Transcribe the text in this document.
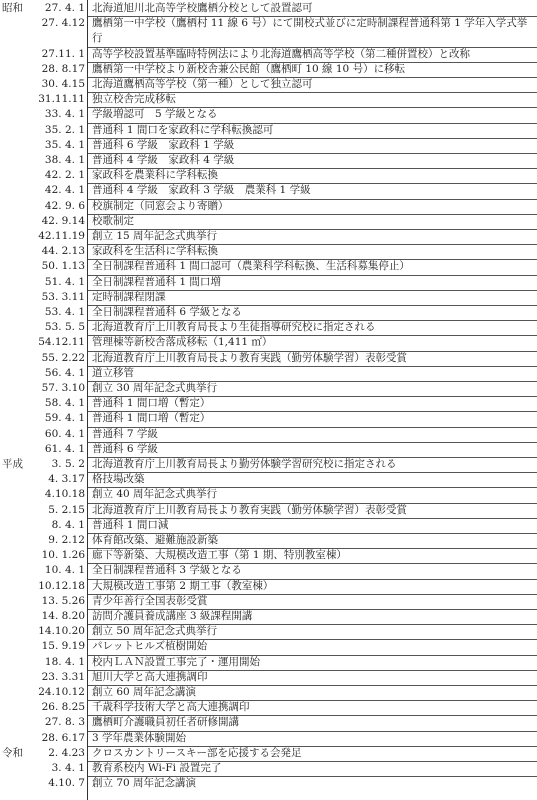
昭和	27. 4. 1 北海道旭川北高等学校鷹栖分校として設置認可
27. 4.12 鷹栖第一中学校（鷹栖村 11 線 6 号）にて開校式並びに定時制課程普通科第 1 学年入学式挙行
27.11. 1 高等学校設置基準臨時特例法により北海道鷹栖高等学校（第二種併置校）と改称
28. 8.17 鷹栖第一中学校より新校舎兼公民館（鷹栖町 10 線 10 号）に移転
30. 4.15 北海道鷹栖高等学校（第一種）として独立認可
31.11.11 独立校舎完成移転
33. 4. 1 学級増認可　5 学級となる
35. 2. 1 普通科 1 間口を家政科に学科転換認可
35. 4. 1 普通科 6 学級　家政科 1 学級
38. 4. 1 普通科 4 学級　家政科 4 学級
42. 2. 1 家政科を農業科に学科転換
42. 4. 1 普通科 4 学級　家政科 3 学級　農業科 1 学級
42. 9. 6 校旗制定（同窓会より寄贈）
42. 9.14 校歌制定
42.11.19 創立 15 周年記念式典挙行
44. 2.13 家政科を生活科に学科転換
50. 1.13 全日制課程普通科 1 間口認可（農業科学科転換、生活科募集停止）
51. 4. 1 全日制課程普通科 1 間口増
53. 3.11 定時制課程閉課
53. 4. 1 全日制課程普通科 6 学級となる
53. 5. 5 北海道教育庁上川教育局長より生徒指導研究校に指定される
54.12.11 管理棟等新校舎落成移転（1,411 ㎡）
55. 2.22 北海道教育庁上川教育局長より教育実践（勤労体験学習）表彰受賞
56. 4. 1 道立移管
57. 3.10 創立 30 周年記念式典挙行
58. 4. 1 普通科 1 間口増（暫定）
59. 4. 1 普通科 1 間口増（暫定）
60. 4. 1 普通科 7 学級
61. 4. 1 普通科 6 学級
平成	3. 5. 2 北海道教育庁上川教育局長より勤労体験学習研究校に指定される
4. 3.17 格技場改築
4.10.18 創立 40 周年記念式典挙行
5. 2.15 北海道教育庁上川教育局長より教育実践（勤労体験学習）表彰受賞
8. 4. 1 普通科 1 間口減
9. 2.12 体育館改築、避難施設新築
10. 1.26 廊下等新築、大規模改造工事（第 1 期、特別教室棟）
10. 4. 1 全日制課程普通科 3 学級となる
10.12.18 大規模改造工事第 2 期工事（教室棟）
13. 5.26 青少年善行全国表彰受賞
14. 8.20 訪問介護員養成講座 3 級課程開講
14.10.20 創立 50 周年記念式典挙行
15. 9.19 パレットヒルズ植樹開始
18. 4. 1 校内ＬＡＮ設置工事完了・運用開始
23. 3.31 旭川大学と高大連携調印
24.10.12 創立 60 周年記念講演
26. 8.25 千歳科学技術大学と高大連携調印
27. 8. 3 鷹栖町介護職員初任者研修開講
28. 6.17 3 学年農業体験開始
令和	2. 4.23 クロスカントリースキー部を応援する会発足
3. 4. 1 教育系校内 Wi-Fi 設置完了
4.10. 7 創立 70 周年記念講演
